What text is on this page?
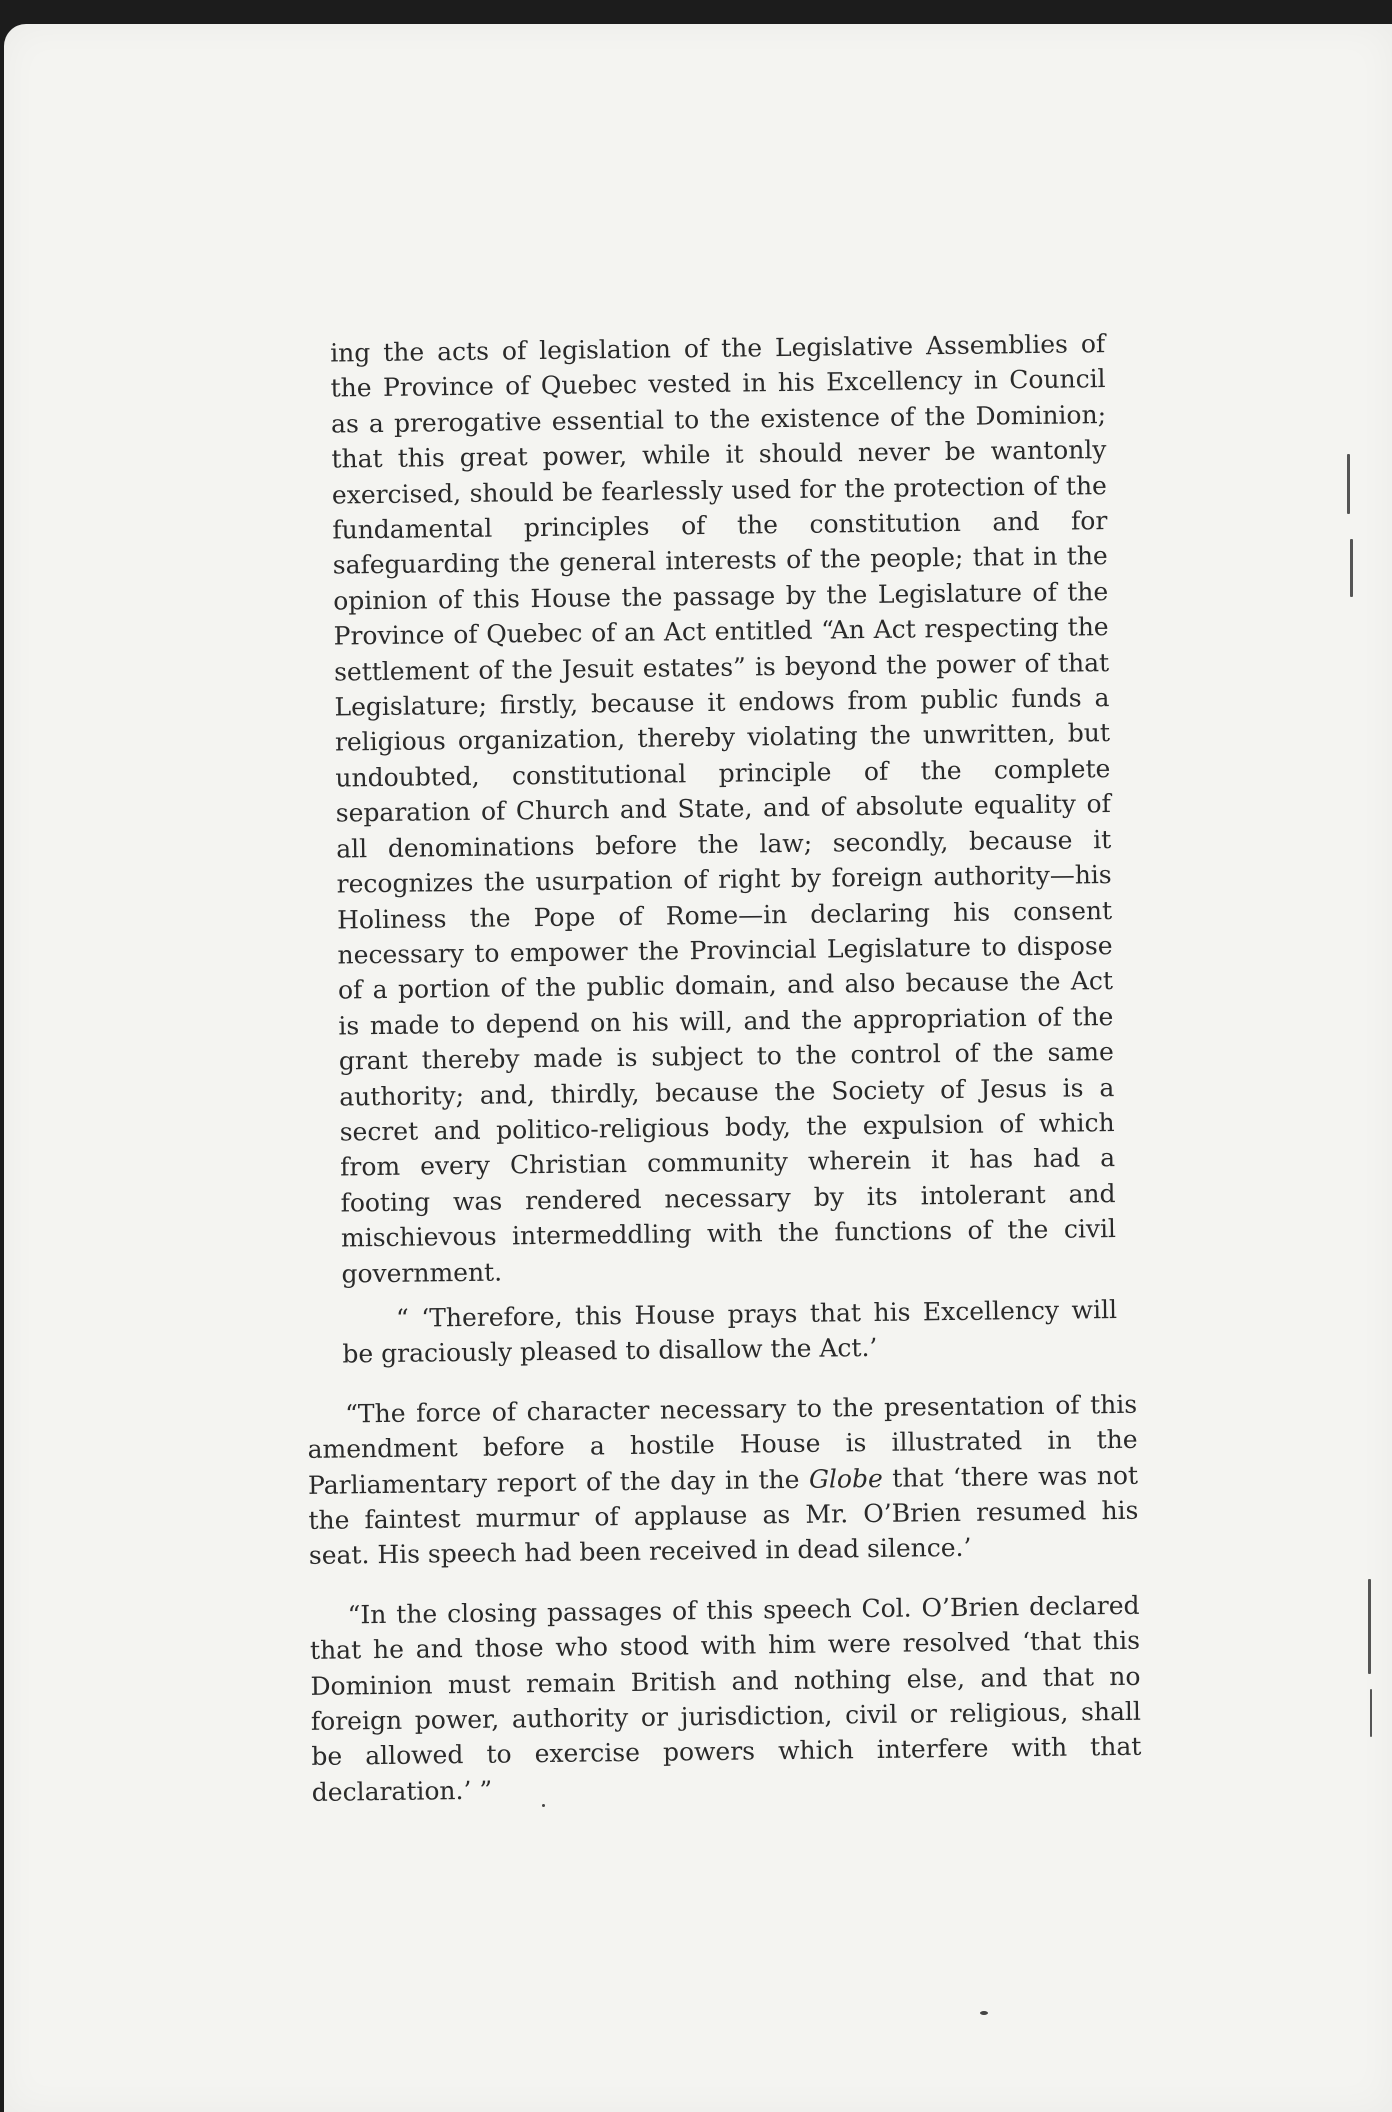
ing the acts of legislation of the Legislative Assemblies of the Province of Quebec vested in his Excellency in Council as a prerogative essential to the existence of the Dominion; that this great power, while it should never be wantonly exercised, should be fearlessly used for the protection of the fundamental principles of the constitution and for safeguarding the general interests of the people; that in the opinion of this House the passage by the Legislature of the Province of Quebec of an Act entitled “An Act respecting the settlement of the Jesuit estates” is beyond the power of that Legislature; firstly, because it endows from public funds a religious organization, thereby violating the unwritten, but undoubted, constitutional principle of the complete separation of Church and State, and of absolute equality of all denominations before the law; secondly, because it recognizes the usurpation of right by foreign authority—his Holiness the Pope of Rome—in declaring his consent necessary to empower the Provincial Legislature to dispose of a portion of the public domain, and also because the Act is made to depend on his will, and the appropriation of the grant thereby made is subject to the control of the same authority; and, thirdly, because the Society of Jesus is a secret and politico-religious body, the expulsion of which from every Christian community wherein it has had a footing was rendered necessary by its intolerant and mischievous intermeddling with the functions of the civil government.

“ ‘Therefore, this House prays that his Excellency will be graciously pleased to disallow the Act.’

“The force of character necessary to the presentation of this amendment before a hostile House is illustrated in the Parliamentary report of the day in the Globe that ‘there was not the faintest murmur of applause as Mr. O’Brien resumed his seat. His speech had been received in dead silence.’

“In the closing passages of this speech Col. O’Brien declared that he and those who stood with him were resolved ‘that this Dominion must remain British and nothing else, and that no foreign power, authority or jurisdiction, civil or religious, shall be allowed to exercise powers which interfere with that declaration.’ ”
